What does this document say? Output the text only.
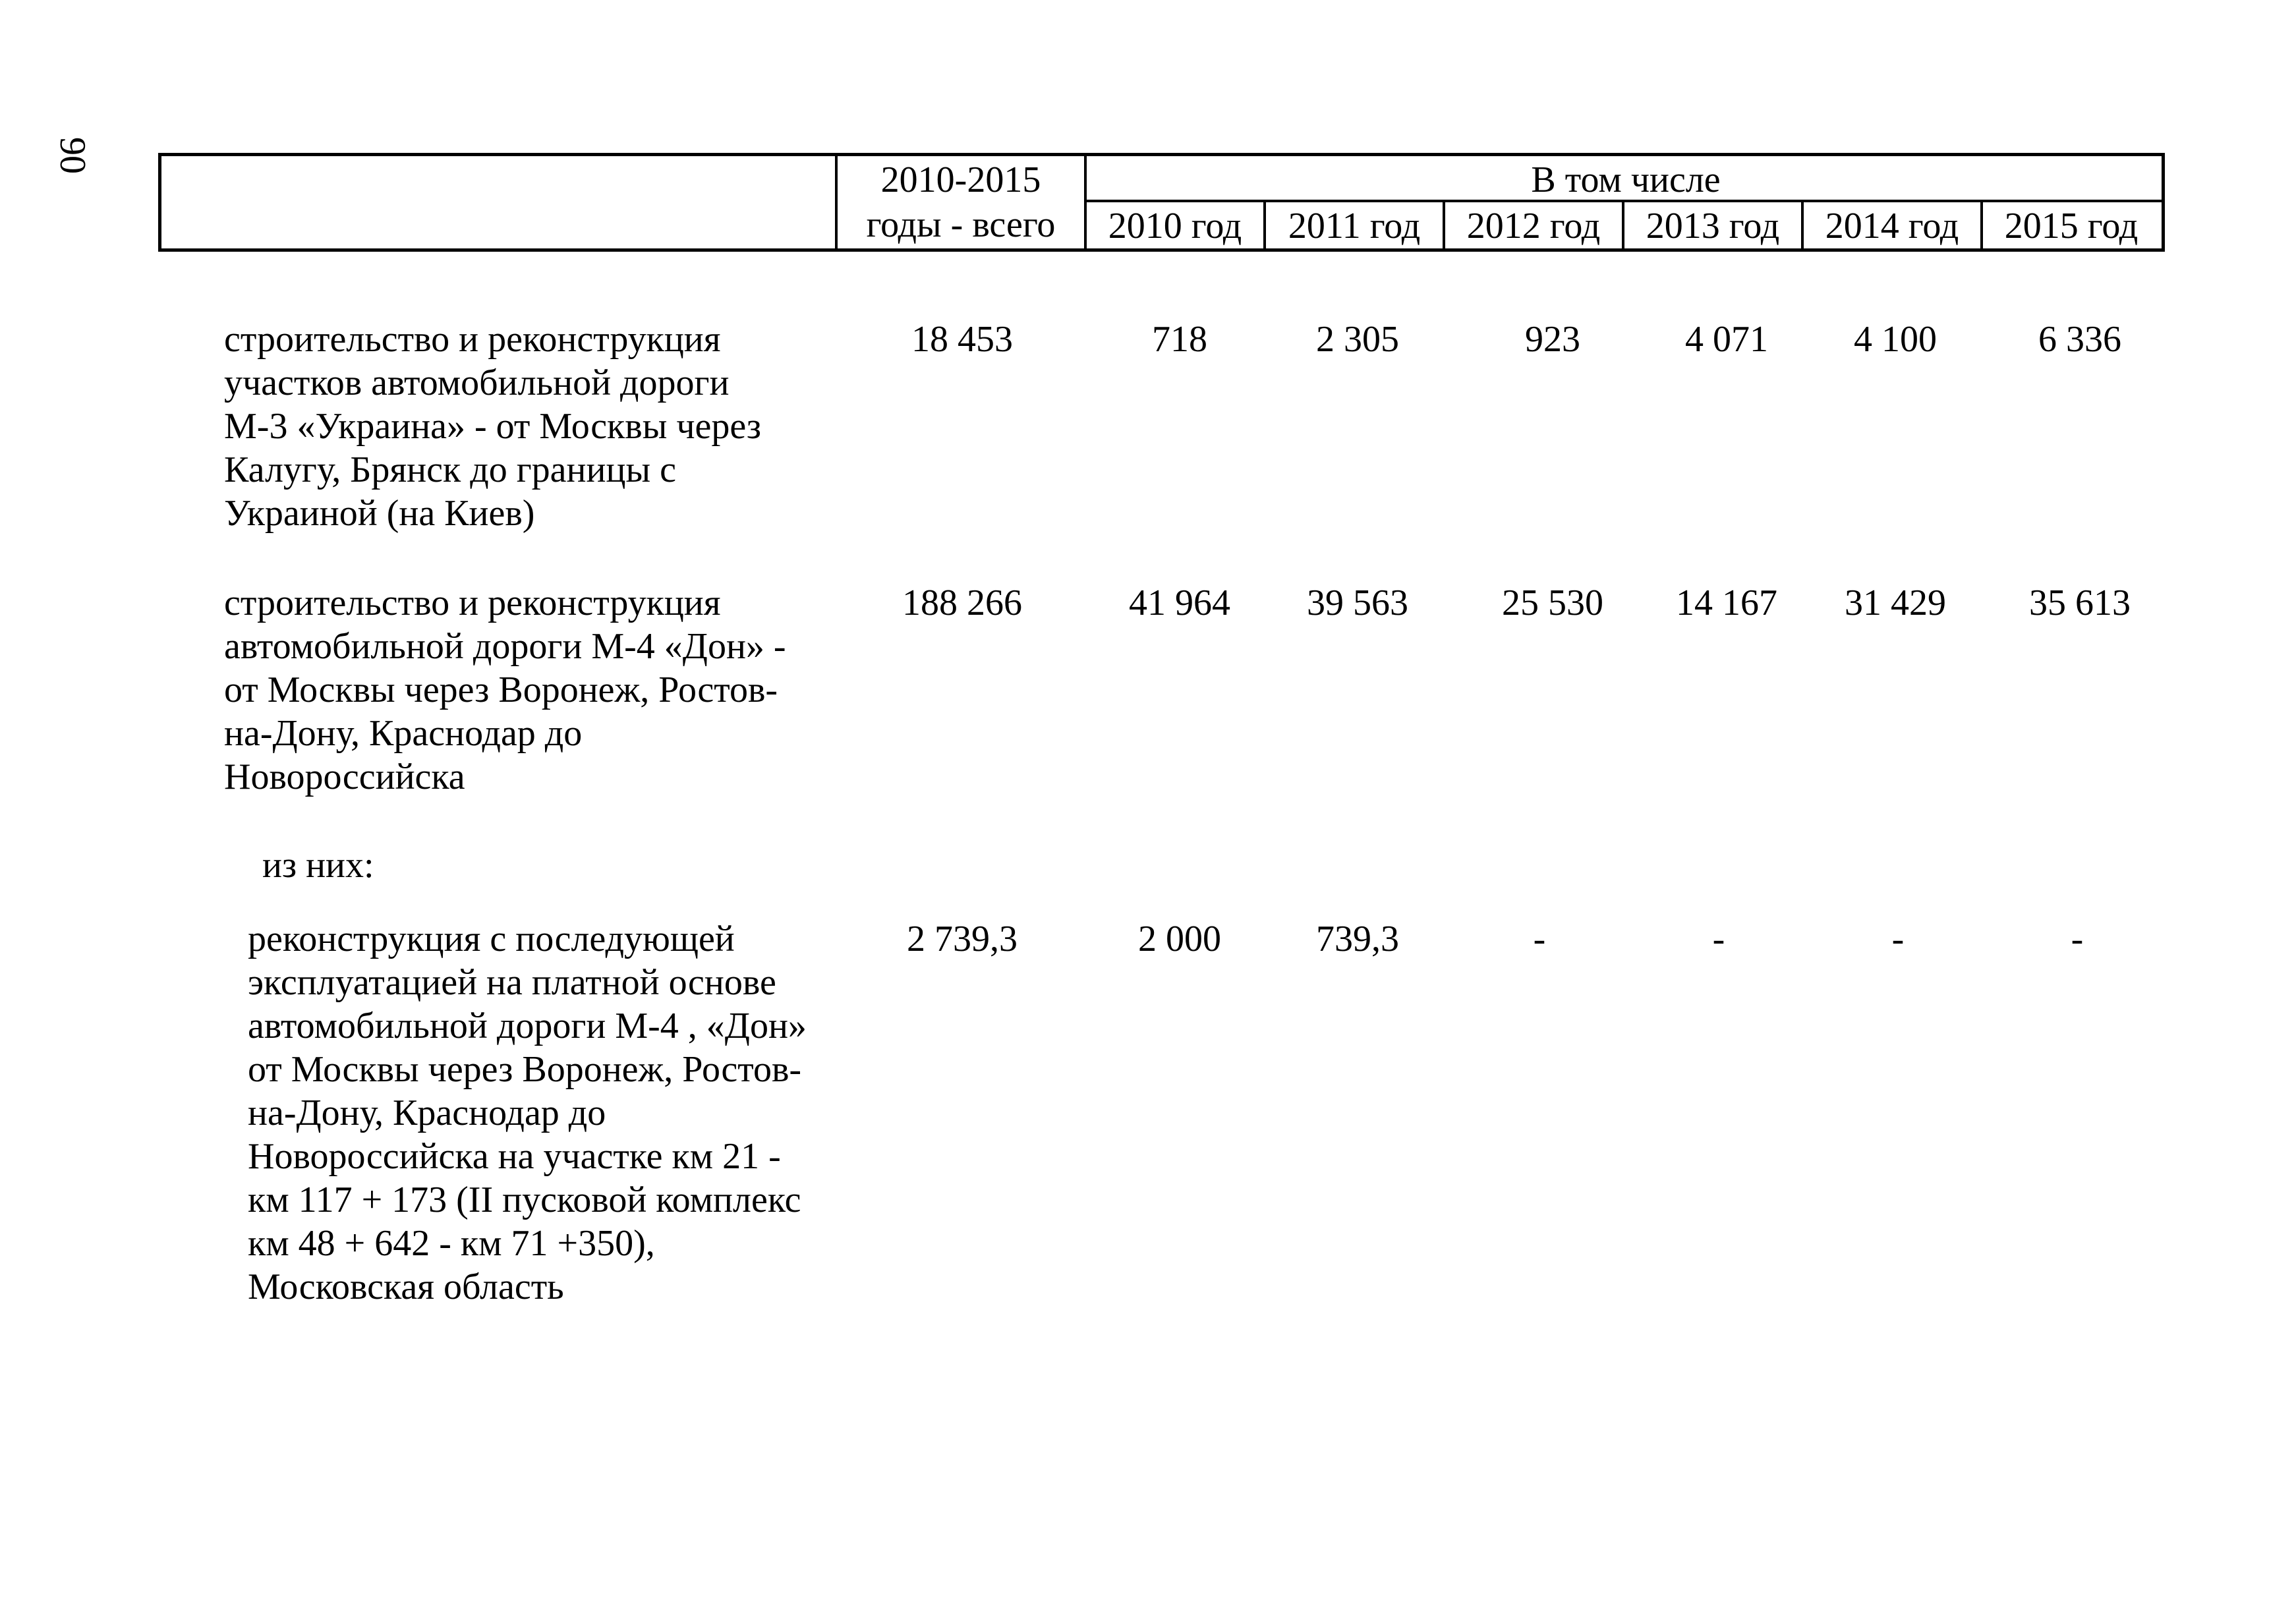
90
2010-2015
годы - всего
В том числе
2010 год	2011 год	2012 год	2013 год	2014 год	2015 год
строительство и реконструкция
участков автомобильной дороги
М-3 «Украина» - от Москвы через
Калугу, Брянск до границы с
Украиной (на Киев)
18 453	718	2 305	923	4 071	4 100	6 336
строительство и реконструкция
автомобильной дороги М-4 «Дон» -
от Москвы через Воронеж, Ростов-
на-Дону, Краснодар до
Новороссийска
188 266	41 964	39 563	25 530	14 167	31 429	35 613
из них:
реконструкция с последующей
эксплуатацией на платной основе
автомобильной дороги М-4 , «Дон»
от Москвы через Воронеж, Ростов-
на-Дону, Краснодар до
Новороссийска на участке км 21 -
км 117 + 173 (II пусковой комплекс
км 48 + 642 - км 71 +350),
Московская область
2 739,3	2 000	739,3	-	-	-	-
